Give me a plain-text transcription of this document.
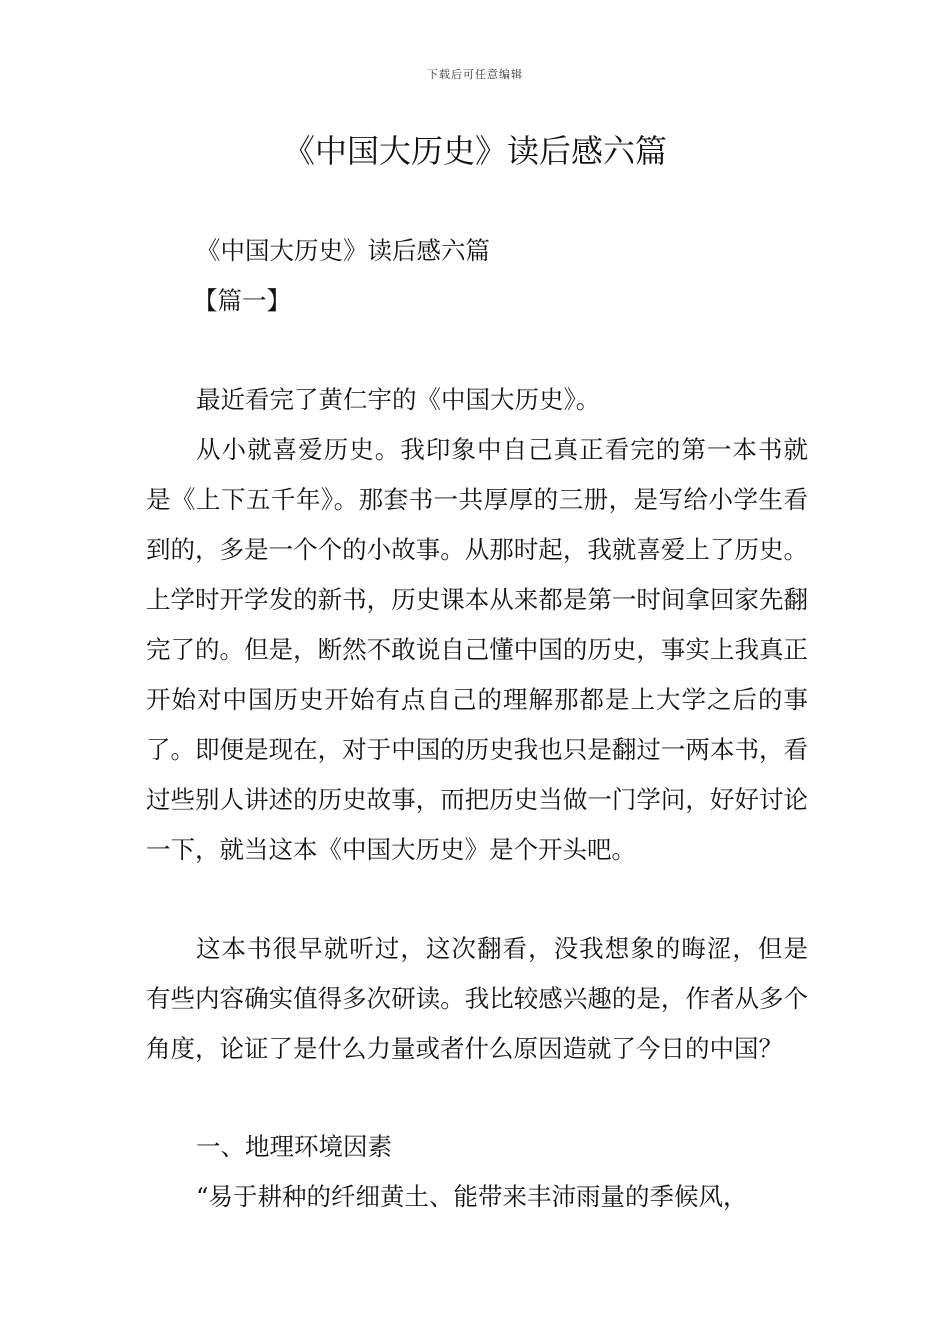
下载后可任意编辑
《中国大历史》读后感六篇

《中国大历史》读后感六篇

【篇一】

最近看完了黄仁宇的《中国大历史》。

从小就喜爱历史。我印象中自己真正看完的第一本书就是《上下五千年》。那套书一共厚厚的三册，是写给小学生看到的，多是一个个的小故事。从那时起，我就喜爱上了历史。上学时开学发的新书，历史课本从来都是第一时间拿回家先翻完了的。但是，断然不敢说自己懂中国的历史，事实上我真正开始对中国历史开始有点自己的理解那都是上大学之后的事了。即便是现在，对于中国的历史我也只是翻过一两本书，看过些别人讲述的历史故事，而把历史当做一门学问，好好讨论一下，就当这本《中国大历史》是个开头吧。

这本书很早就听过，这次翻看，没我想象的晦涩，但是有些内容确实值得多次研读。我比较感兴趣的是，作者从多个角度，论证了是什么力量或者什么原因造就了今日的中国？

一、地理环境因素

“易于耕种的纤细黄土、能带来丰沛雨量的季候风，
